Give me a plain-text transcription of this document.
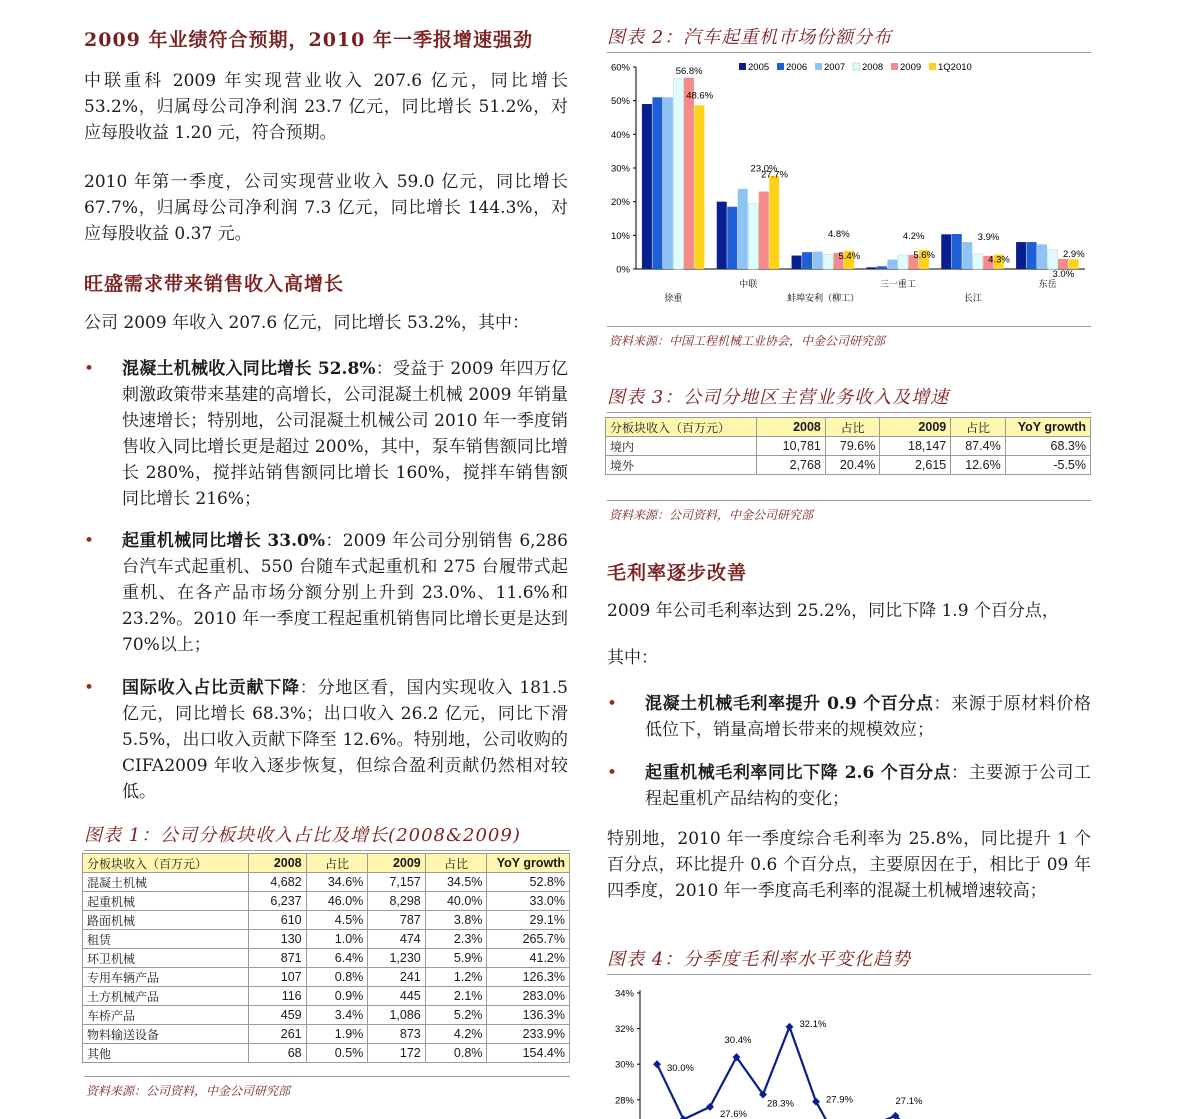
2009 年业绩符合预期，2010 年一季报增速强劲
中联重科 2009 年实现营业收入 207.6 亿元，同比增长 53.2%，归属母公司净利润 23.7 亿元，同比增长 51.2%，对应每股收益 1.20 元，符合预期。
2010 年第一季度，公司实现营业收入 59.0 亿元，同比增长67.7%，归属母公司净利润 7.3 亿元，同比增长 144.3%，对应每股收益 0.37 元。
旺盛需求带来销售收入高增长
公司 2009 年收入 207.6 亿元，同比增长 53.2%，其中：
• 混凝土机械收入同比增长 52.8%：受益于 2009 年四万亿刺激政策带来基建的高增长，公司混凝土机械 2009 年销量快速增长；特别地，公司混凝土机械公司 2010 年一季度销售收入同比增长更是超过 200%，其中，泵车销售额同比增长 280%，搅拌站销售额同比增长 160%，搅拌车销售额同比增长 216%；
• 起重机械同比增长 33.0%：2009 年公司分别销售 6,286 台汽车式起重机、550 台随车式起重机和 275 台履带式起重机、在各产品市场分额分别上升到 23.0%、11.6%和 23.2%。2010 年一季度工程起重机销售同比增长更是达到 70%以上；
• 国际收入占比贡献下降：分地区看，国内实现收入 181.5 亿元，同比增长 68.3%；出口收入 26.2 亿元，同比下滑 5.5%，出口收入贡献下降至 12.6%。特别地，公司收购的 CIFA2009 年收入逐步恢复，但综合盈利贡献仍然相对较低。
图表 1：公司分板块收入占比及增长(2008&2009)
分板块收入（百万元）	2008	占比	2009	占比	YoY growth
混凝土机械	4,682	34.6%	7,157	34.5%	52.8%
起重机械	6,237	46.0%	8,298	40.0%	33.0%
路面机械	610	4.5%	787	3.8%	29.1%
租赁	130	1.0%	474	2.3%	265.7%
环卫机械	871	6.4%	1,230	5.9%	41.2%
专用车辆产品	107	0.8%	241	1.2%	126.3%
土方机械产品	116	0.9%	445	2.1%	283.0%
车桥产品	459	3.4%	1,086	5.2%	136.3%
物料输送设备	261	1.9%	873	4.2%	233.9%
其他	68	0.5%	172	0.8%	154.4%
资料来源：公司资料，中金公司研究部
图表 2：汽车起重机市场份额分布
0%
10%
20%
30%
40%
50%
60%	56.8%
48.6%
徐重
27.7%
23.0%
中联
5.4%
4.8%
蚌埠安利（柳工）
5.6%
4.2%
三一重工
4.3%
3.9%
长江
3.0%
2.9%
东岳
2005 2006 2007 2008 2009 1Q2010
资料来源：中国工程机械工业协会，中金公司研究部
图表 3：公司分地区主营业务收入及增速
分板块收入（百万元）	2008	占比	2009	占比	YoY growth
境内	10,781	79.6%	18,147	87.4%	68.3%
境外	2,768	20.4%	2,615	12.6%	-5.5%
资料来源：公司资料，中金公司研究部
毛利率逐步改善
2009 年公司毛利率达到 25.2%，同比下降 1.9 个百分点，
其中：
• 混凝土机械毛利率提升 0.9 个百分点：来源于原材料价格低位下，销量高增长带来的规模效应；
• 起重机械毛利率同比下降 2.6 个百分点：主要源于公司工程起重机产品结构的变化；
特别地，2010 年一季度综合毛利率为 25.8%，同比提升 1 个百分点，环比提升 0.6 个百分点，主要原因在于，相比于 09 年四季度，2010 年一季度高毛利率的混凝土机械增速较高；
图表 4：分季度毛利率水平变化趋势
28%
30%
32%
34%
30.0%
27.6%
30.4%
28.3%
32.1%
27.9%	27.1%
